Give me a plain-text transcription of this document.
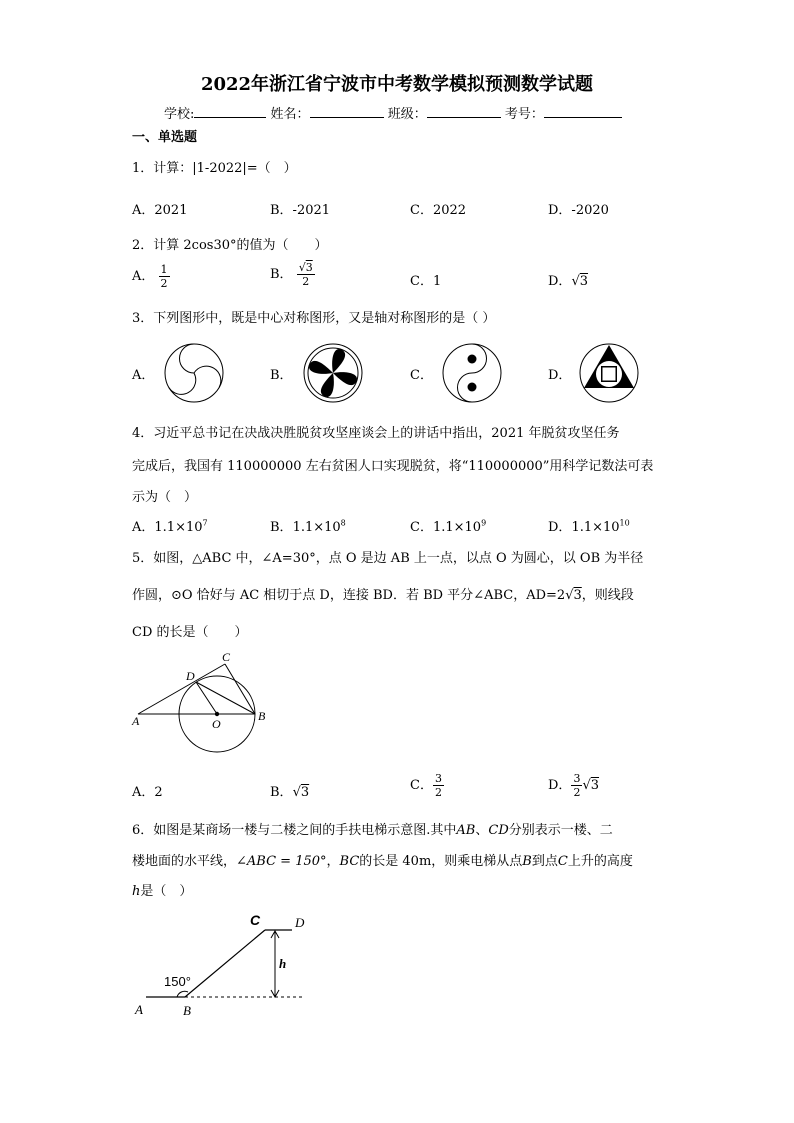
2022年浙江省宁波市中考数学模拟预测数学试题
学校:	姓名：	班级：	考号：
一、单选题
1．计算：|1-2022|=（　）
A．2021	B．-2021	C．2022	D．-2020
2．计算 2cos30°的值为（　　）
A． $\frac{1}{2}$	B． $\frac{√3}{2}$	C．1	D．√3
3．下列图形中，既是中心对称图形，又是轴对称图形的是（ ）
A．	B．	C．	D．
4．习近平总书记在决战决胜脱贫攻坚座谈会上的讲话中指出，2021 年脱贫攻坚任务
完成后，我国有 110000000 左右贫困人口实现脱贫，将“110000000”用科学记数法可表
示为（　）
A．$1.1\times 10^7$	B．$1.1\times 10^8$	C．$1.1\times 10^9$	D．$1.1\times 10^{10}$
5．如图，△ABC 中，∠A=30°，点 O 是边 AB 上一点，以点 O 为圆心，以 OB 为半径
作圆，⊙O 恰好与 AC 相切于点 D，连接 BD．若 BD 平分∠ABC，AD=2√3，则线段
CD 的长是（　　）
A	B
C
D
O
A．2	B．√3	C． $\frac{3}{2}$	D． $\frac{3}{2} √3$
6．如图是某商场一楼与二楼之间的手扶电梯示意图.其中AB、CD分别表示一楼、二
楼地面的水平线，∠ABC = 150°，BC的长是 40m，则乘电梯从点B到点C上升的高度
h是（　）
A	B
C	D
h
150°
